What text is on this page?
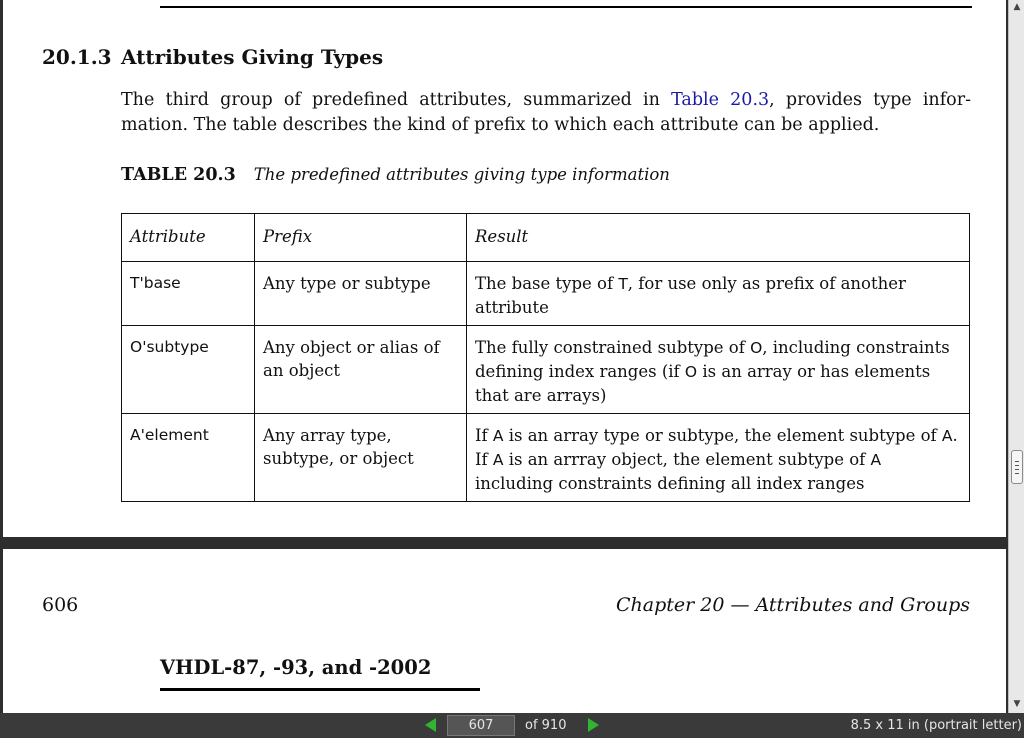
20.1.3 Attributes Giving Types
The third group of predefined attributes, summarized in Table 20.3, provides type infor-
mation. The table describes the kind of prefix to which each attribute can be applied.
TABLE 20.3 The predefined attributes giving type information
Attribute	Prefix	Result
T'base	Any type or subtype	The base type of T, for use only as prefix of another attribute
O'subtype	Any object or alias of an object	The fully constrained subtype of O, including constraints defining index ranges (if O is an array or has elements that are arrays)
A'element	Any array type, subtype, or object	If A is an array type or subtype, the element subtype of A. If A is an arrray object, the element subtype of A including constraints defining all index ranges
606	Chapter 20 — Attributes and Groups
VHDL-87, -93, and -2002
▲
▼
607
of 910	8.5 x 11 in (portrait letter)
